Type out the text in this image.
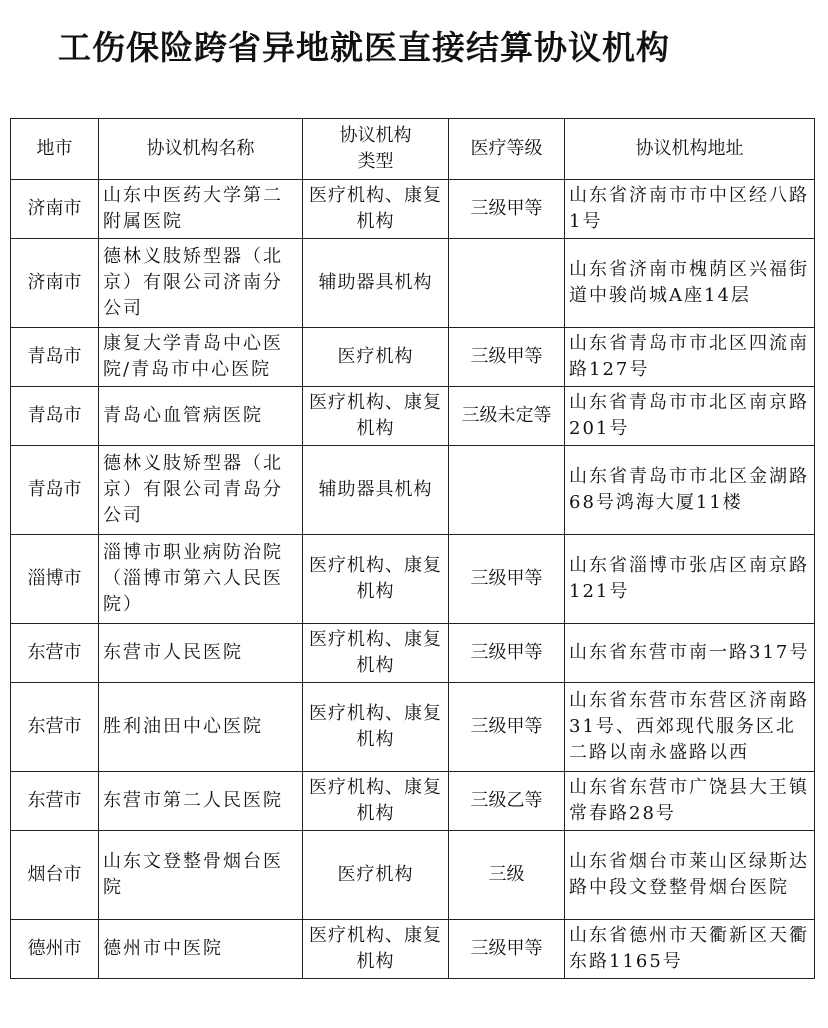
工伤保险跨省异地就医直接结算协议机构
地市	协议机构名称	协议机构类型	医疗等级	协议机构地址
济南市	山东中医药大学第二附属医院	医疗机构、康复机构	三级甲等	山东省济南市市中区经八路1号
济南市	德林义肢矫型器（北京）有限公司济南分公司	辅助器具机构		山东省济南市槐荫区兴福街道中骏尚城A座14层
青岛市	康复大学青岛中心医院/青岛市中心医院	医疗机构	三级甲等	山东省青岛市市北区四流南路127号
青岛市	青岛心血管病医院	医疗机构、康复机构	三级未定等	山东省青岛市市北区南京路201号
青岛市	德林义肢矫型器（北京）有限公司青岛分公司	辅助器具机构		山东省青岛市市北区金湖路68号鸿海大厦11楼
淄博市	淄博市职业病防治院（淄博市第六人民医院）	医疗机构、康复机构	三级甲等	山东省淄博市张店区南京路121号
东营市	东营市人民医院	医疗机构、康复机构	三级甲等	山东省东营市南一路317号
东营市	胜利油田中心医院	医疗机构、康复机构	三级甲等	山东省东营市东营区济南路31号、西郊现代服务区北二路以南永盛路以西
东营市	东营市第二人民医院	医疗机构、康复机构	三级乙等	山东省东营市广饶县大王镇常春路28号
烟台市	山东文登整骨烟台医院	医疗机构	三级	山东省烟台市莱山区绿斯达路中段文登整骨烟台医院
德州市	德州市中医院	医疗机构、康复机构	三级甲等	山东省德州市天衢新区天衢东路1165号
